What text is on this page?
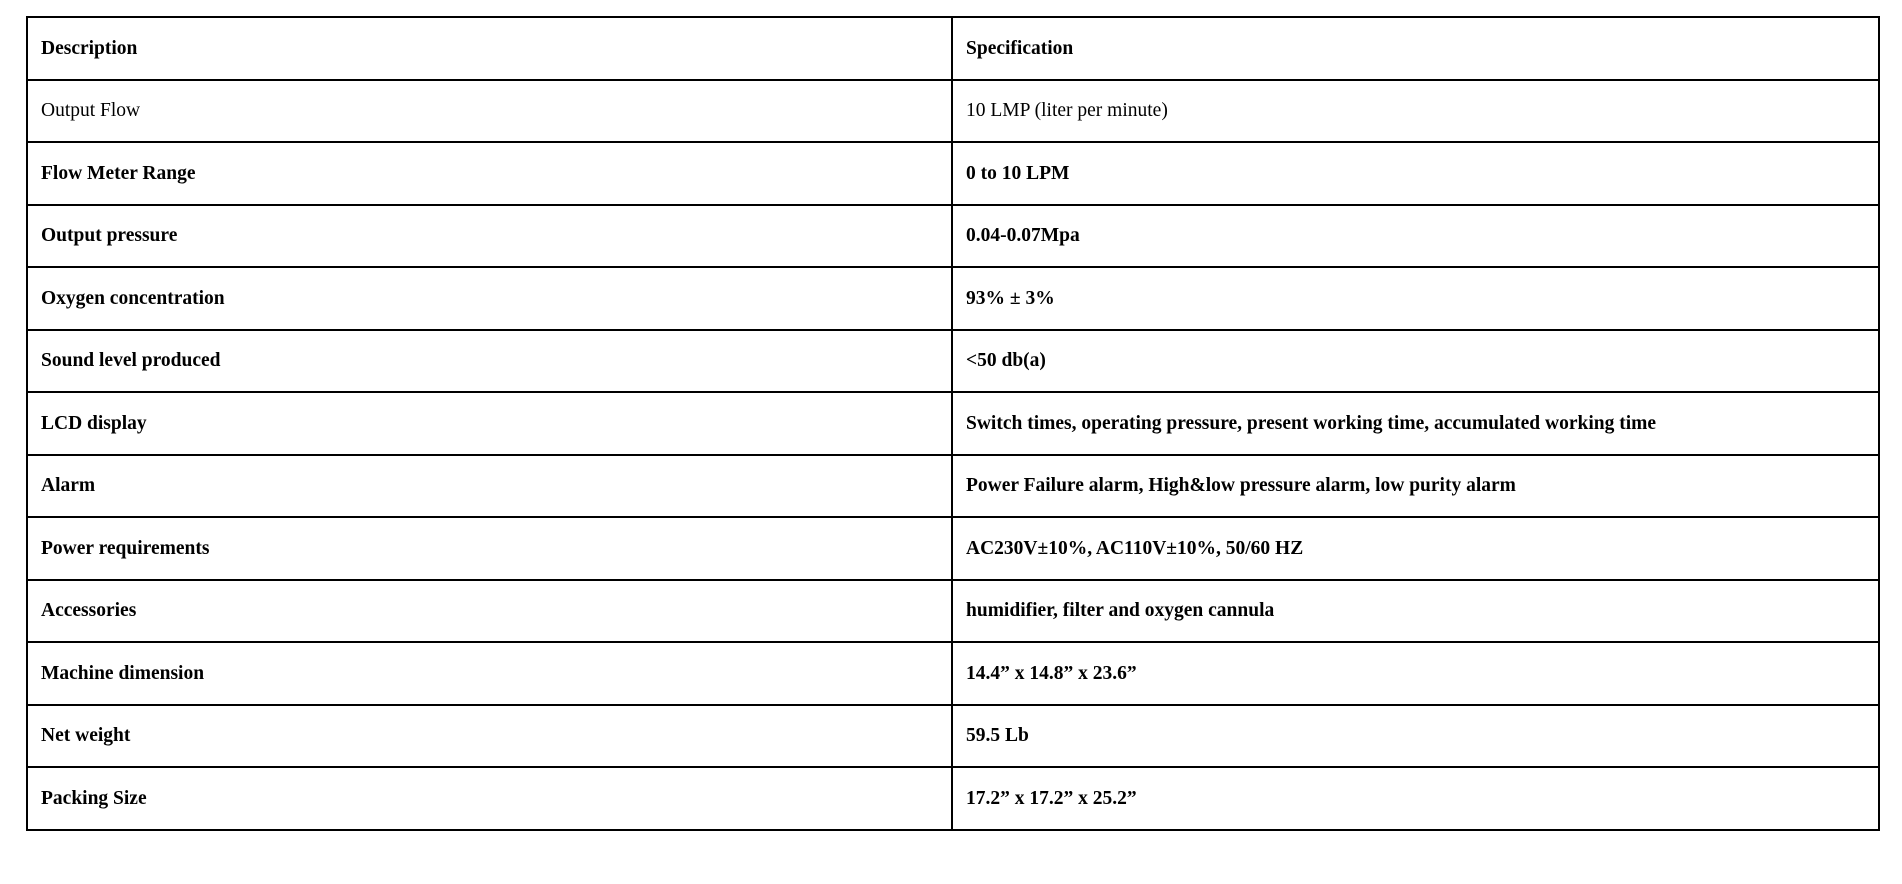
Description	Specification
Output Flow	10 LMP (liter per minute)
Flow Meter Range	0 to 10 LPM
Output pressure	0.04-0.07Mpa
Oxygen concentration	93% ± 3%
Sound level produced	<50 db(a)
LCD display	Switch times, operating pressure, present working time, accumulated working time
Alarm	Power Failure alarm, High&low pressure alarm, low purity alarm
Power requirements	AC230V±10%, AC110V±10%, 50/60 HZ
Accessories	humidifier, filter and oxygen cannula
Machine dimension	14.4” x 14.8” x 23.6”
Net weight	59.5 Lb
Packing Size	17.2” x 17.2” x 25.2”
